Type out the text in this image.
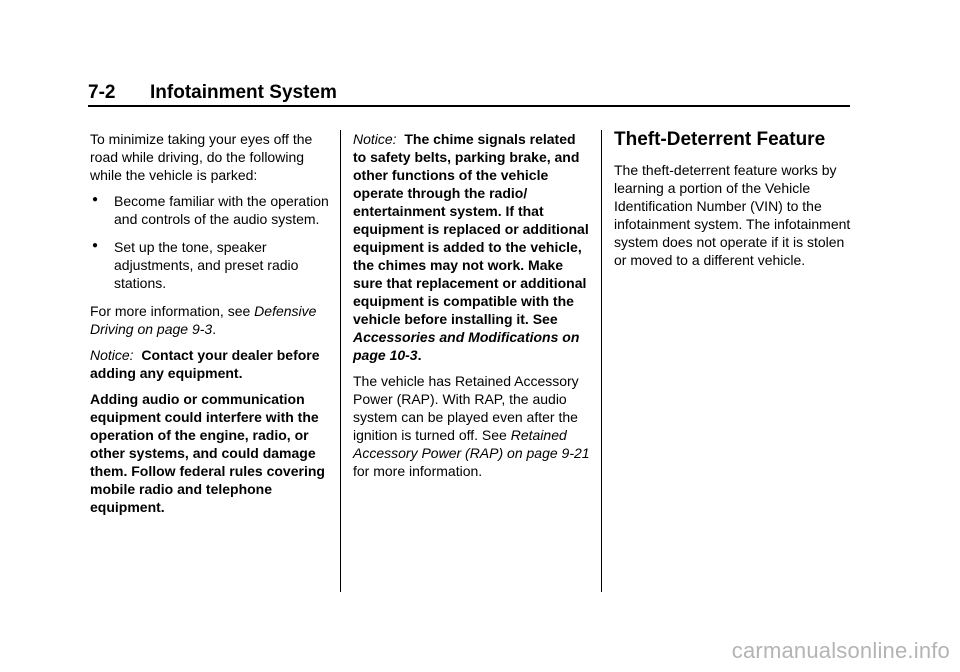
7-2 Infotainment System

To minimize taking your eyes off the road while driving, do the following while the vehicle is parked:

● Become familiar with the operation and controls of the audio system.
● Set up the tone, speaker adjustments, and preset radio stations.

For more information, see Defensive Driving on page 9-3.

Notice: Contact your dealer before adding any equipment.

Adding audio or communication equipment could interfere with the operation of the engine, radio, or other systems, and could damage them. Follow federal rules covering mobile radio and telephone equipment.

Notice: The chime signals related to safety belts, parking brake, and other functions of the vehicle operate through the radio/ entertainment system. If that equipment is replaced or additional equipment is added to the vehicle, the chimes may not work. Make sure that replacement or additional equipment is compatible with the vehicle before installing it. See Accessories and Modifications on page 10-3.

The vehicle has Retained Accessory Power (RAP). With RAP, the audio system can be played even after the ignition is turned off. See Retained Accessory Power (RAP) on page 9-21 for more information.

Theft-Deterrent Feature

The theft-deterrent feature works by learning a portion of the Vehicle Identification Number (VIN) to the infotainment system. The infotainment system does not operate if it is stolen or moved to a different vehicle.

carmanualsonline.info
